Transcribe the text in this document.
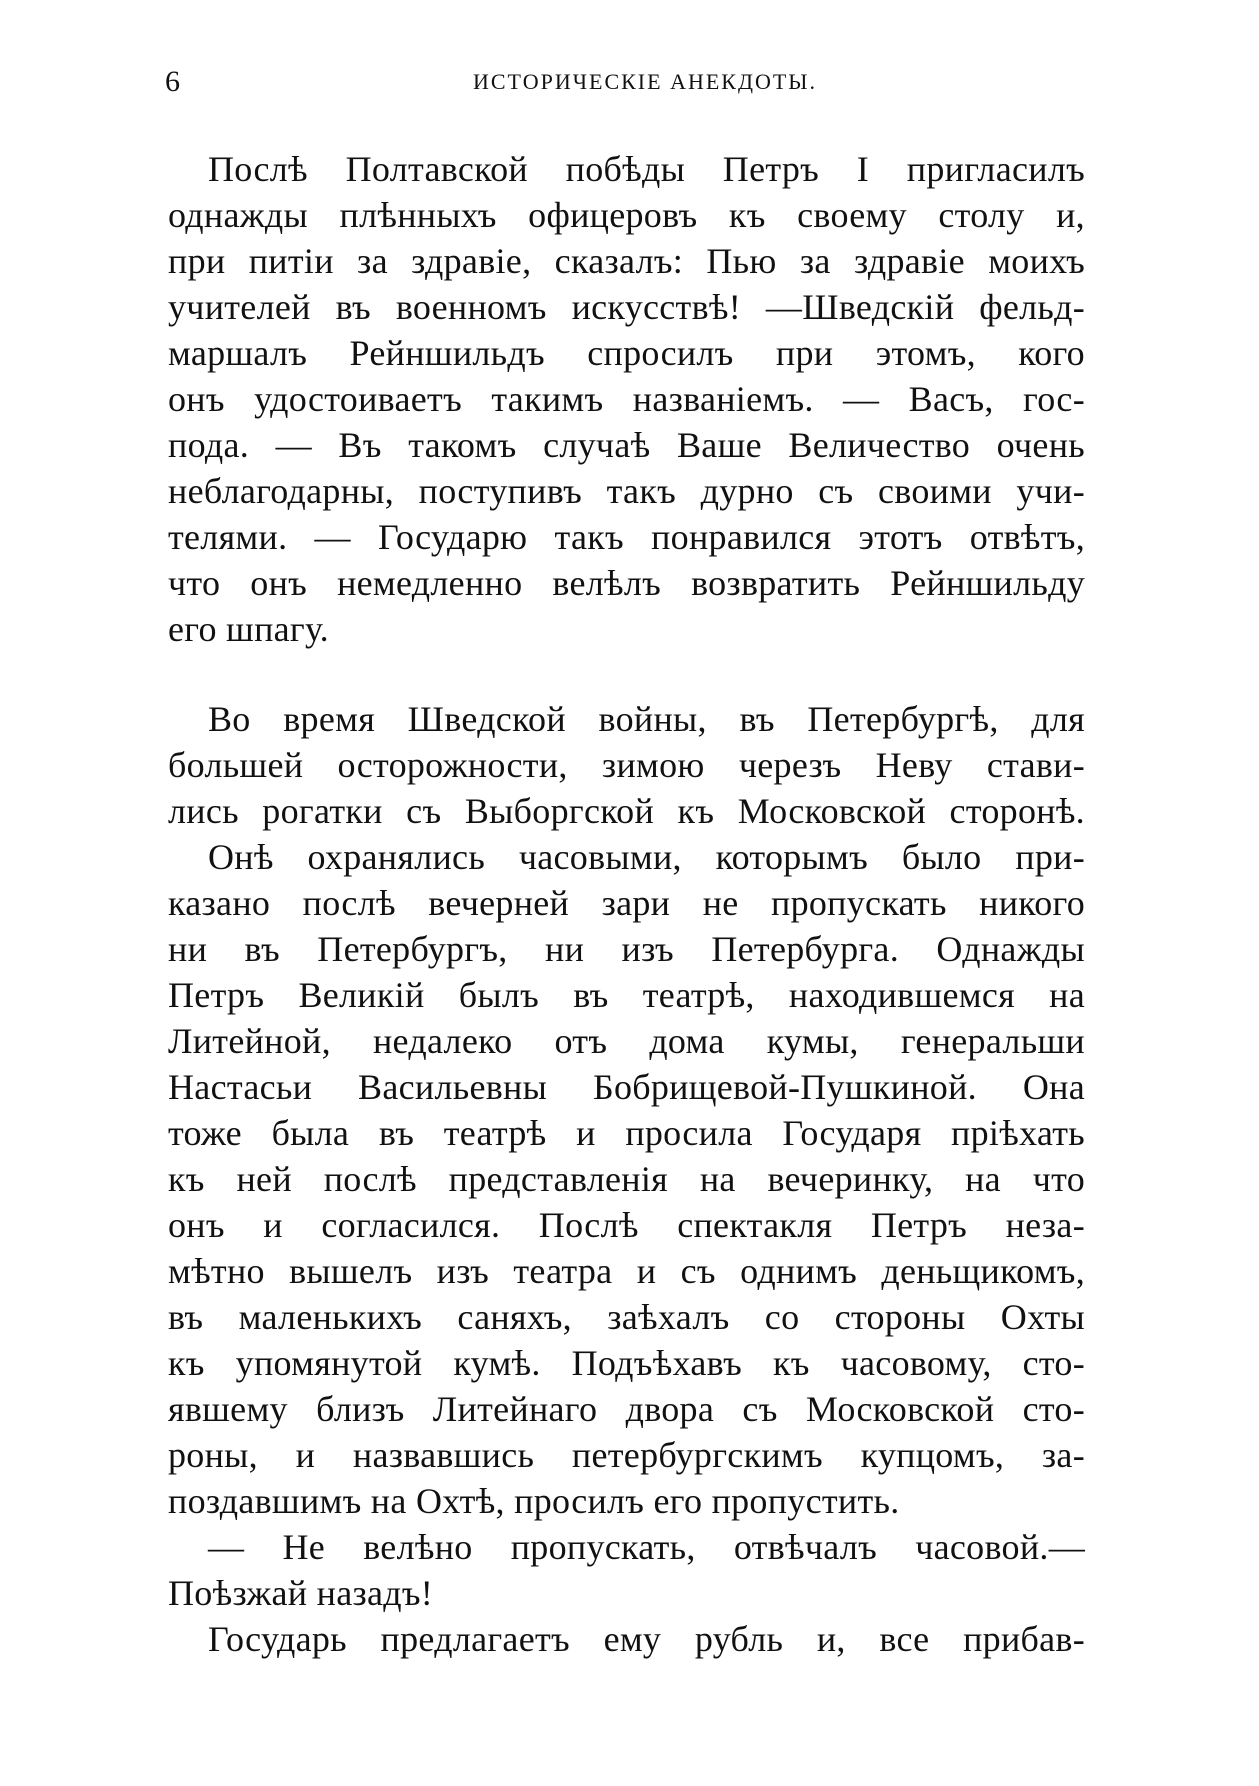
6	ИСТОРИЧЕСКІЕ АНЕКДОТЫ.
Послѣ Полтавской побѣды Петръ I пригласилъ
однажды плѣнныхъ офицеровъ къ своему столу и,
при питіи за здравіе, сказалъ: Пью за здравіе моихъ
учителей въ военномъ искусствѣ! —Шведскій фельд-
маршалъ Рейншильдъ спросилъ при этомъ, кого
онъ удостоиваетъ такимъ названіемъ. — Васъ, гос-
пода. — Въ такомъ случаѣ Ваше Величество очень
неблагодарны, поступивъ такъ дурно съ своими учи-
телями. — Государю такъ понравился этотъ отвѣтъ,
что онъ немедленно велѣлъ возвратить Рейншильду
его шпагу.
Во время Шведской войны, въ Петербургѣ, для
большей осторожности, зимою черезъ Неву стави-
лись рогатки съ Выборгской къ Московской сторонѣ.
Онѣ охранялись часовыми, которымъ было при-
казано послѣ вечерней зари не пропускать никого
ни въ Петербургъ, ни изъ Петербурга. Однажды
Петръ Великій былъ въ театрѣ, находившемся на
Литейной, недалеко отъ дома кумы, генеральши
Настасьи Васильевны Бобрищевой-Пушкиной. Она
тоже была въ театрѣ и просила Государя пріѣхать
къ ней послѣ представленія на вечеринку, на что
онъ и согласился. Послѣ спектакля Петръ неза-
мѣтно вышелъ изъ театра и съ однимъ деньщикомъ,
въ маленькихъ саняхъ, заѣхалъ со стороны Охты
къ упомянутой кумѣ. Подъѣхавъ къ часовому, сто-
явшему близъ Литейнаго двора съ Московской сто-
роны, и назвавшись петербургскимъ купцомъ, за-
поздавшимъ на Охтѣ, просилъ его пропустить.
— Не велѣно пропускать, отвѣчалъ часовой.—
Поѣзжай назадъ!
Государь предлагаетъ ему рубль и, все прибав-
